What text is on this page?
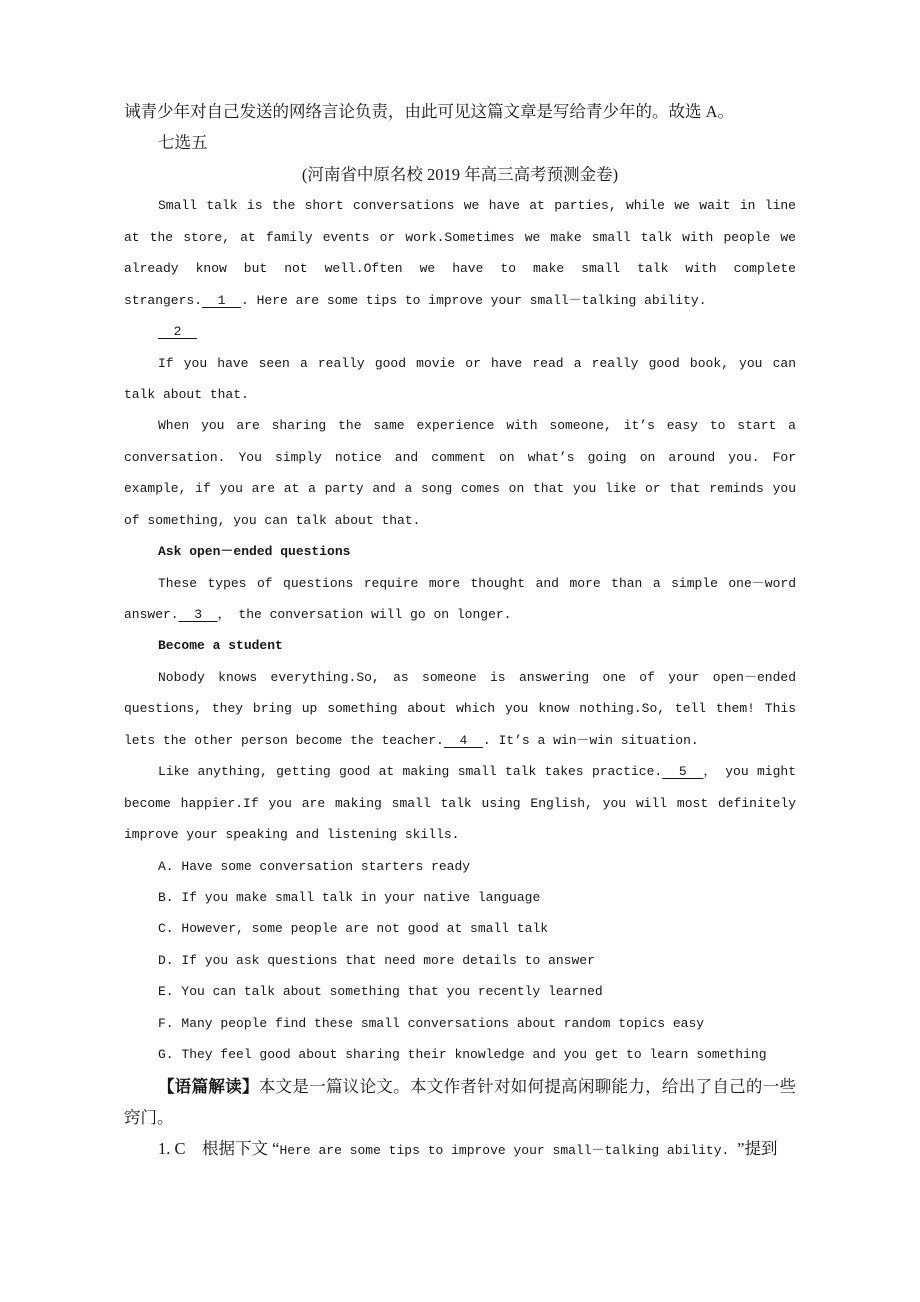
诫青少年对自己发送的网络言论负责，由此可见这篇文章是写给青少年的。故选 A。

七选五

(河南省中原名校 2019 年高三高考预测金卷)

Small talk is the short conversations we have at parties, while we wait in line at the store, at family events or work.Sometimes we make small talk with people we already know but not well.Often we have to make small talk with complete strangers.  1  . Here are some tips to improve your small－talking ability.

2

If you have seen a really good movie or have read a really good book, you can talk about that.

When you are sharing the same experience with someone, it’s easy to start a conversation. You simply notice and comment on what’s going on around you. For example, if you are at a party and a song comes on that you like or that reminds you of something, you can talk about that.

Ask open－ended questions

These types of questions require more thought and more than a simple one－word answer.  3  ， the conversation will go on longer.

Become a student

Nobody knows everything.So, as someone is answering one of your open－ended questions, they bring up something about which you know nothing.So, tell them! This lets the other person become the teacher.  4  . It’s a win－win situation.

Like anything, getting good at making small talk takes practice.  5  ， you might become happier.If you are making small talk using English, you will most definitely improve your speaking and listening skills.

A. Have some conversation starters ready

B. If you make small talk in your native language

C. However, some people are not good at small talk

D. If you ask questions that need more details to answer

E. You can talk about something that you recently learned

F. Many people find these small conversations about random topics easy

G. They feel good about sharing their knowledge and you get to learn something

【语篇解读】本文是一篇议论文。本文作者针对如何提高闲聊能力，给出了自己的一些窍门。

1. C　根据下文 “Here are some tips to improve your small－talking ability. ”提到
